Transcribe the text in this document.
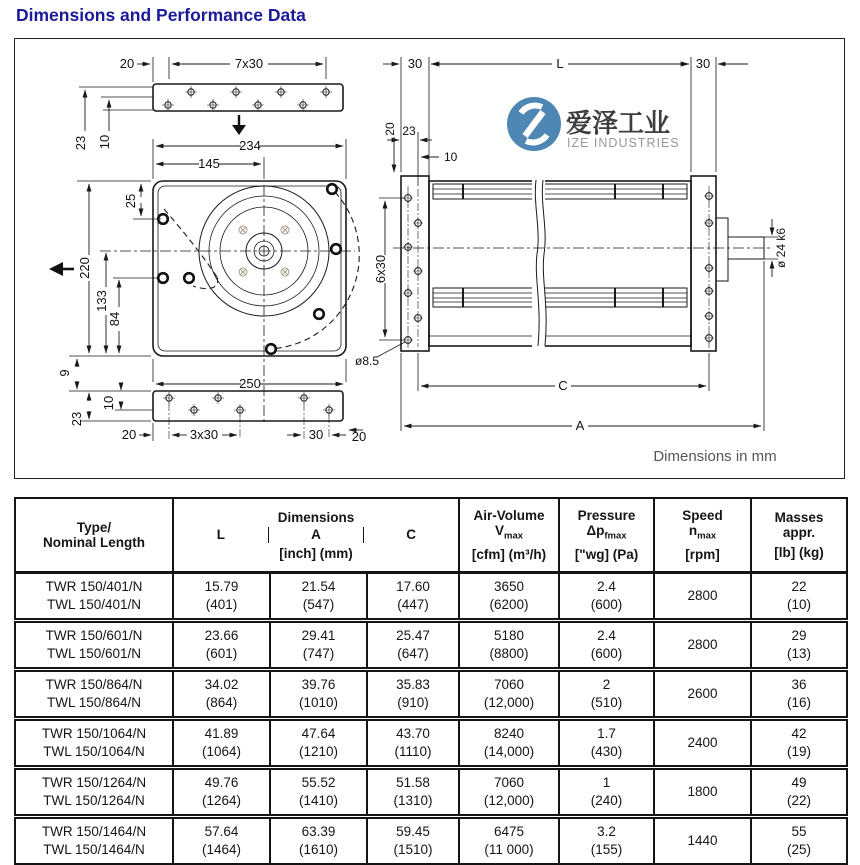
Dimensions and Performance Data
7x30
20
23 10	234
145
25
220
133
84
9
250
20	3x30	30 20
10
23
ø 24 k6
30	L	30
23
20
10
6x30
ø8.5
C
A
爱泽工业
IZE INDUSTRIES
Dimensions in mm
Type/
Nominal Length

Dimensions
L	A	C
[inch] (mm)

Air-Volume
$V_{max}$
[cfm] (m³/h)

Pressure
$\Delta p_{fmax}$
["wg] (Pa)

Speed
$n_{max}$
[rpm]

Masses
appr.
[lb] (kg)

TWR 150/401/N
TWL 150/401/N

15.79
(401)

21.54
(547)

17.60
(447)

3650
(6200)

2.4
(600)

2800

22
(10)

TWR 150/601/N
TWL 150/601/N

23.66
(601)

29.41
(747)

25.47
(647)

5180
(8800)

2.4
(600)

2800

29
(13)

TWR 150/864/N
TWL 150/864/N

34.02
(864)

39.76
(1010)

35.83
(910)

7060
(12,000)

2
(510)

2600

36
(16)

TWR 150/1064/N
TWL 150/1064/N

41.89
(1064)

47.64
(1210)

43.70
(1110)

8240
(14,000)

1.7
(430)

2400

42
(19)

TWR 150/1264/N
TWL 150/1264/N

49.76
(1264)

55.52
(1410)

51.58
(1310)

7060
(12,000)

1
(240)

1800

49
(22)

TWR 150/1464/N
TWL 150/1464/N

57.64
(1464)

63.39
(1610)

59.45
(1510)

6475
(11 000)

3.2
(155)

1440

55
(25)
